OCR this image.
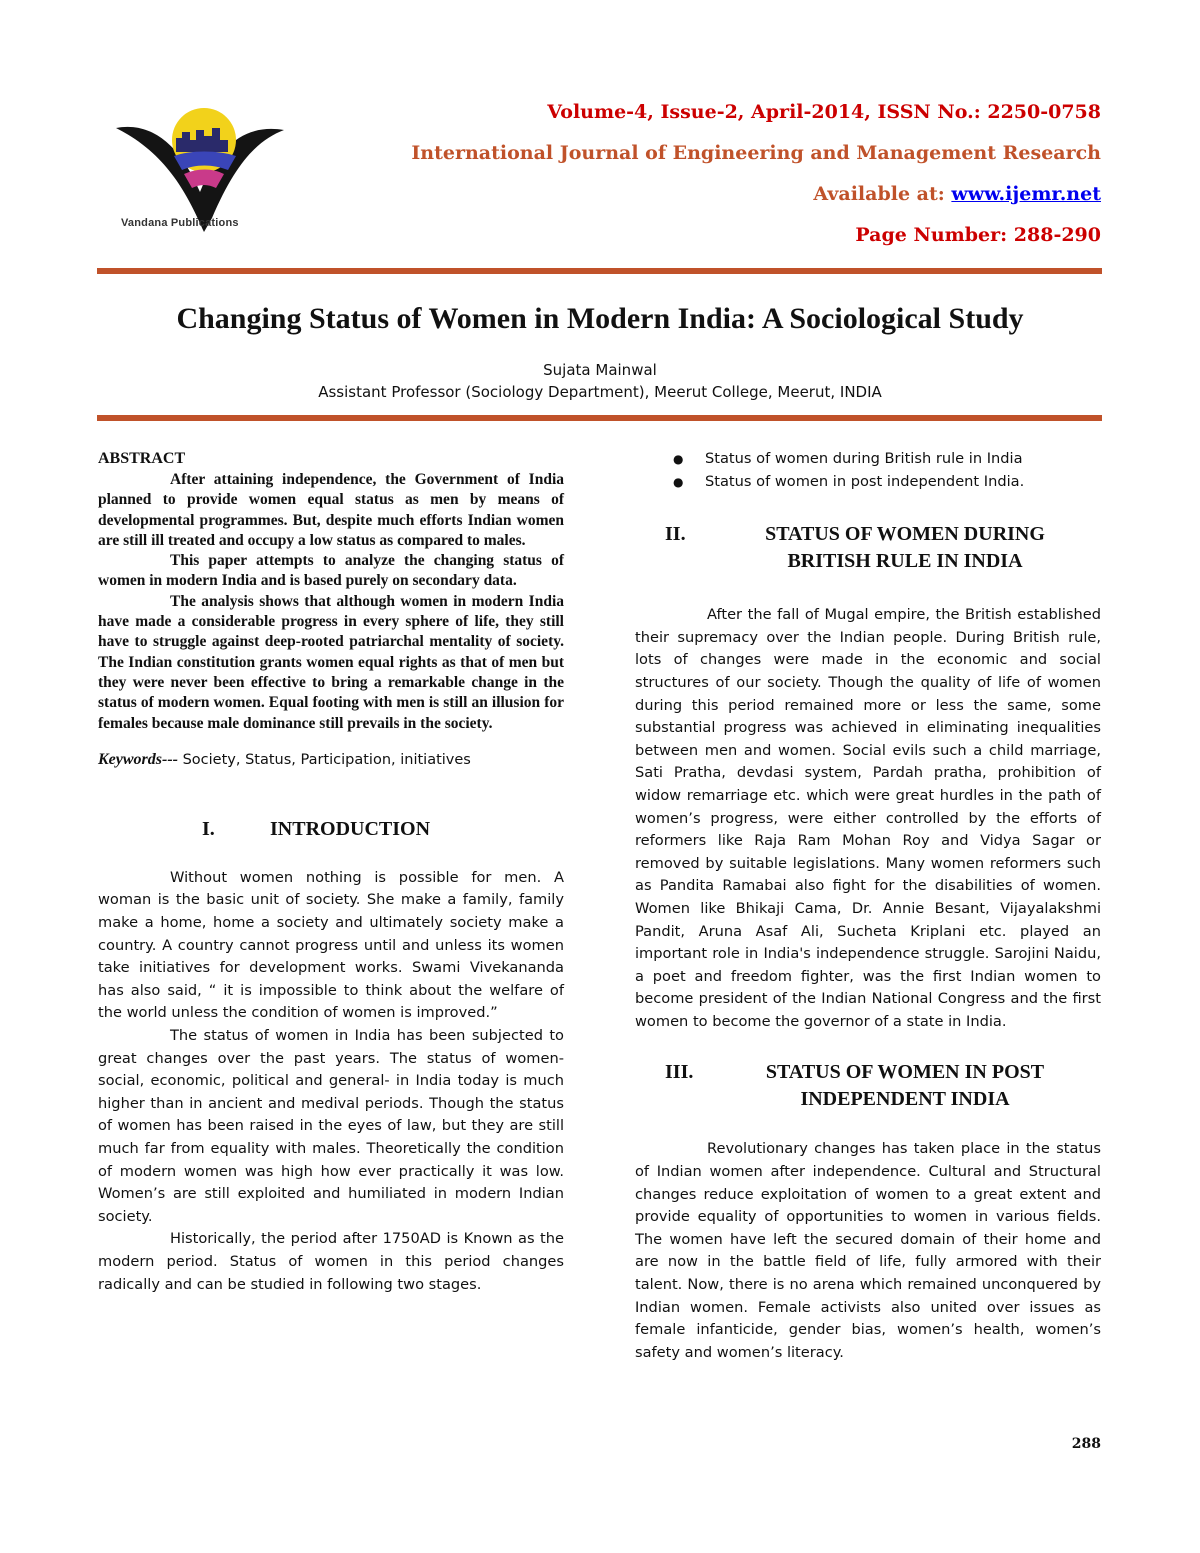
Vandana Publications
Volume-4, Issue-2, April-2014, ISSN No.: 2250-0758
International Journal of Engineering and Management Research
Available at: www.ijemr.net
Page Number: 288-290
Changing Status of Women in Modern India: A Sociological Study
Sujata Mainwal
Assistant Professor (Sociology Department), Meerut College, Meerut, INDIA
ABSTRACT

After attaining independence, the Government of India planned to provide women equal status as men by means of developmental programmes. But, despite much efforts Indian women are still ill treated and occupy a low status as compared to males.

This paper attempts to analyze the changing status of women in modern India and is based purely on secondary data.

The analysis shows that although women in modern India have made a considerable progress in every sphere of life, they still have to struggle against deep-rooted patriarchal mentality of society. The Indian constitution grants women equal rights as that of men but they were never been effective to bring a remarkable change in the status of modern women. Equal footing with men is still an illusion for females because male dominance still prevails in the society.

Keywords--- Society, Status, Participation, initiatives

I.	INTRODUCTION

Without women nothing is possible for men. A woman is the basic unit of society. She make a family, family make a home, home a society and ultimately society make a country. A country cannot progress until and unless its women take initiatives for development works. Swami Vivekananda has also said, “ it is impossible to think about the welfare of the world unless the condition of women is improved.”

The status of women in India has been subjected to great changes over the past years. The status of women- social, economic, political and general- in India today is much higher than in ancient and medival periods. Though the status of women has been raised in the eyes of law, but they are still much far from equality with males. Theoretically the condition of modern women was high how ever practically it was low. Women’s are still exploited and humiliated in modern Indian society.

Historically, the period after 1750AD is Known as the modern period. Status of women in this period changes radically and can be studied in following two stages.

● Status of women during British rule in India
● Status of women in post independent India.
II.	STATUS OF WOMEN DURING BRITISH RULE IN INDIA

After the fall of Mugal empire, the British established their supremacy over the Indian people. During British rule, lots of changes were made in the economic and social structures of our society. Though the quality of life of women during this period remained more or less the same, some substantial progress was achieved in eliminating inequalities between men and women. Social evils such a child marriage, Sati Pratha, devdasi system, Pardah pratha, prohibition of widow remarriage etc. which were great hurdles in the path of women’s progress, were either controlled by the efforts of reformers like Raja Ram Mohan Roy and Vidya Sagar or removed by suitable legislations. Many women reformers such as Pandita Ramabai also fight for the disabilities of women. Women like Bhikaji Cama, Dr. Annie Besant, Vijayalakshmi Pandit, Aruna Asaf Ali, Sucheta Kriplani etc. played an important role in India's independence struggle. Sarojini Naidu, a poet and freedom fighter, was the first Indian women to become president of the Indian National Congress and the first women to become the governor of a state in India.

III.	STATUS OF WOMEN IN POST INDEPENDENT INDIA

Revolutionary changes has taken place in the status of Indian women after independence. Cultural and Structural changes reduce exploitation of women to a great extent and provide equality of opportunities to women in various fields. The women have left the secured domain of their home and are now in the battle field of life, fully armored with their talent. Now, there is no arena which remained unconquered by Indian women. Female activists also united over issues as female infanticide, gender bias, women’s health, women’s safety and women’s literacy.

288
